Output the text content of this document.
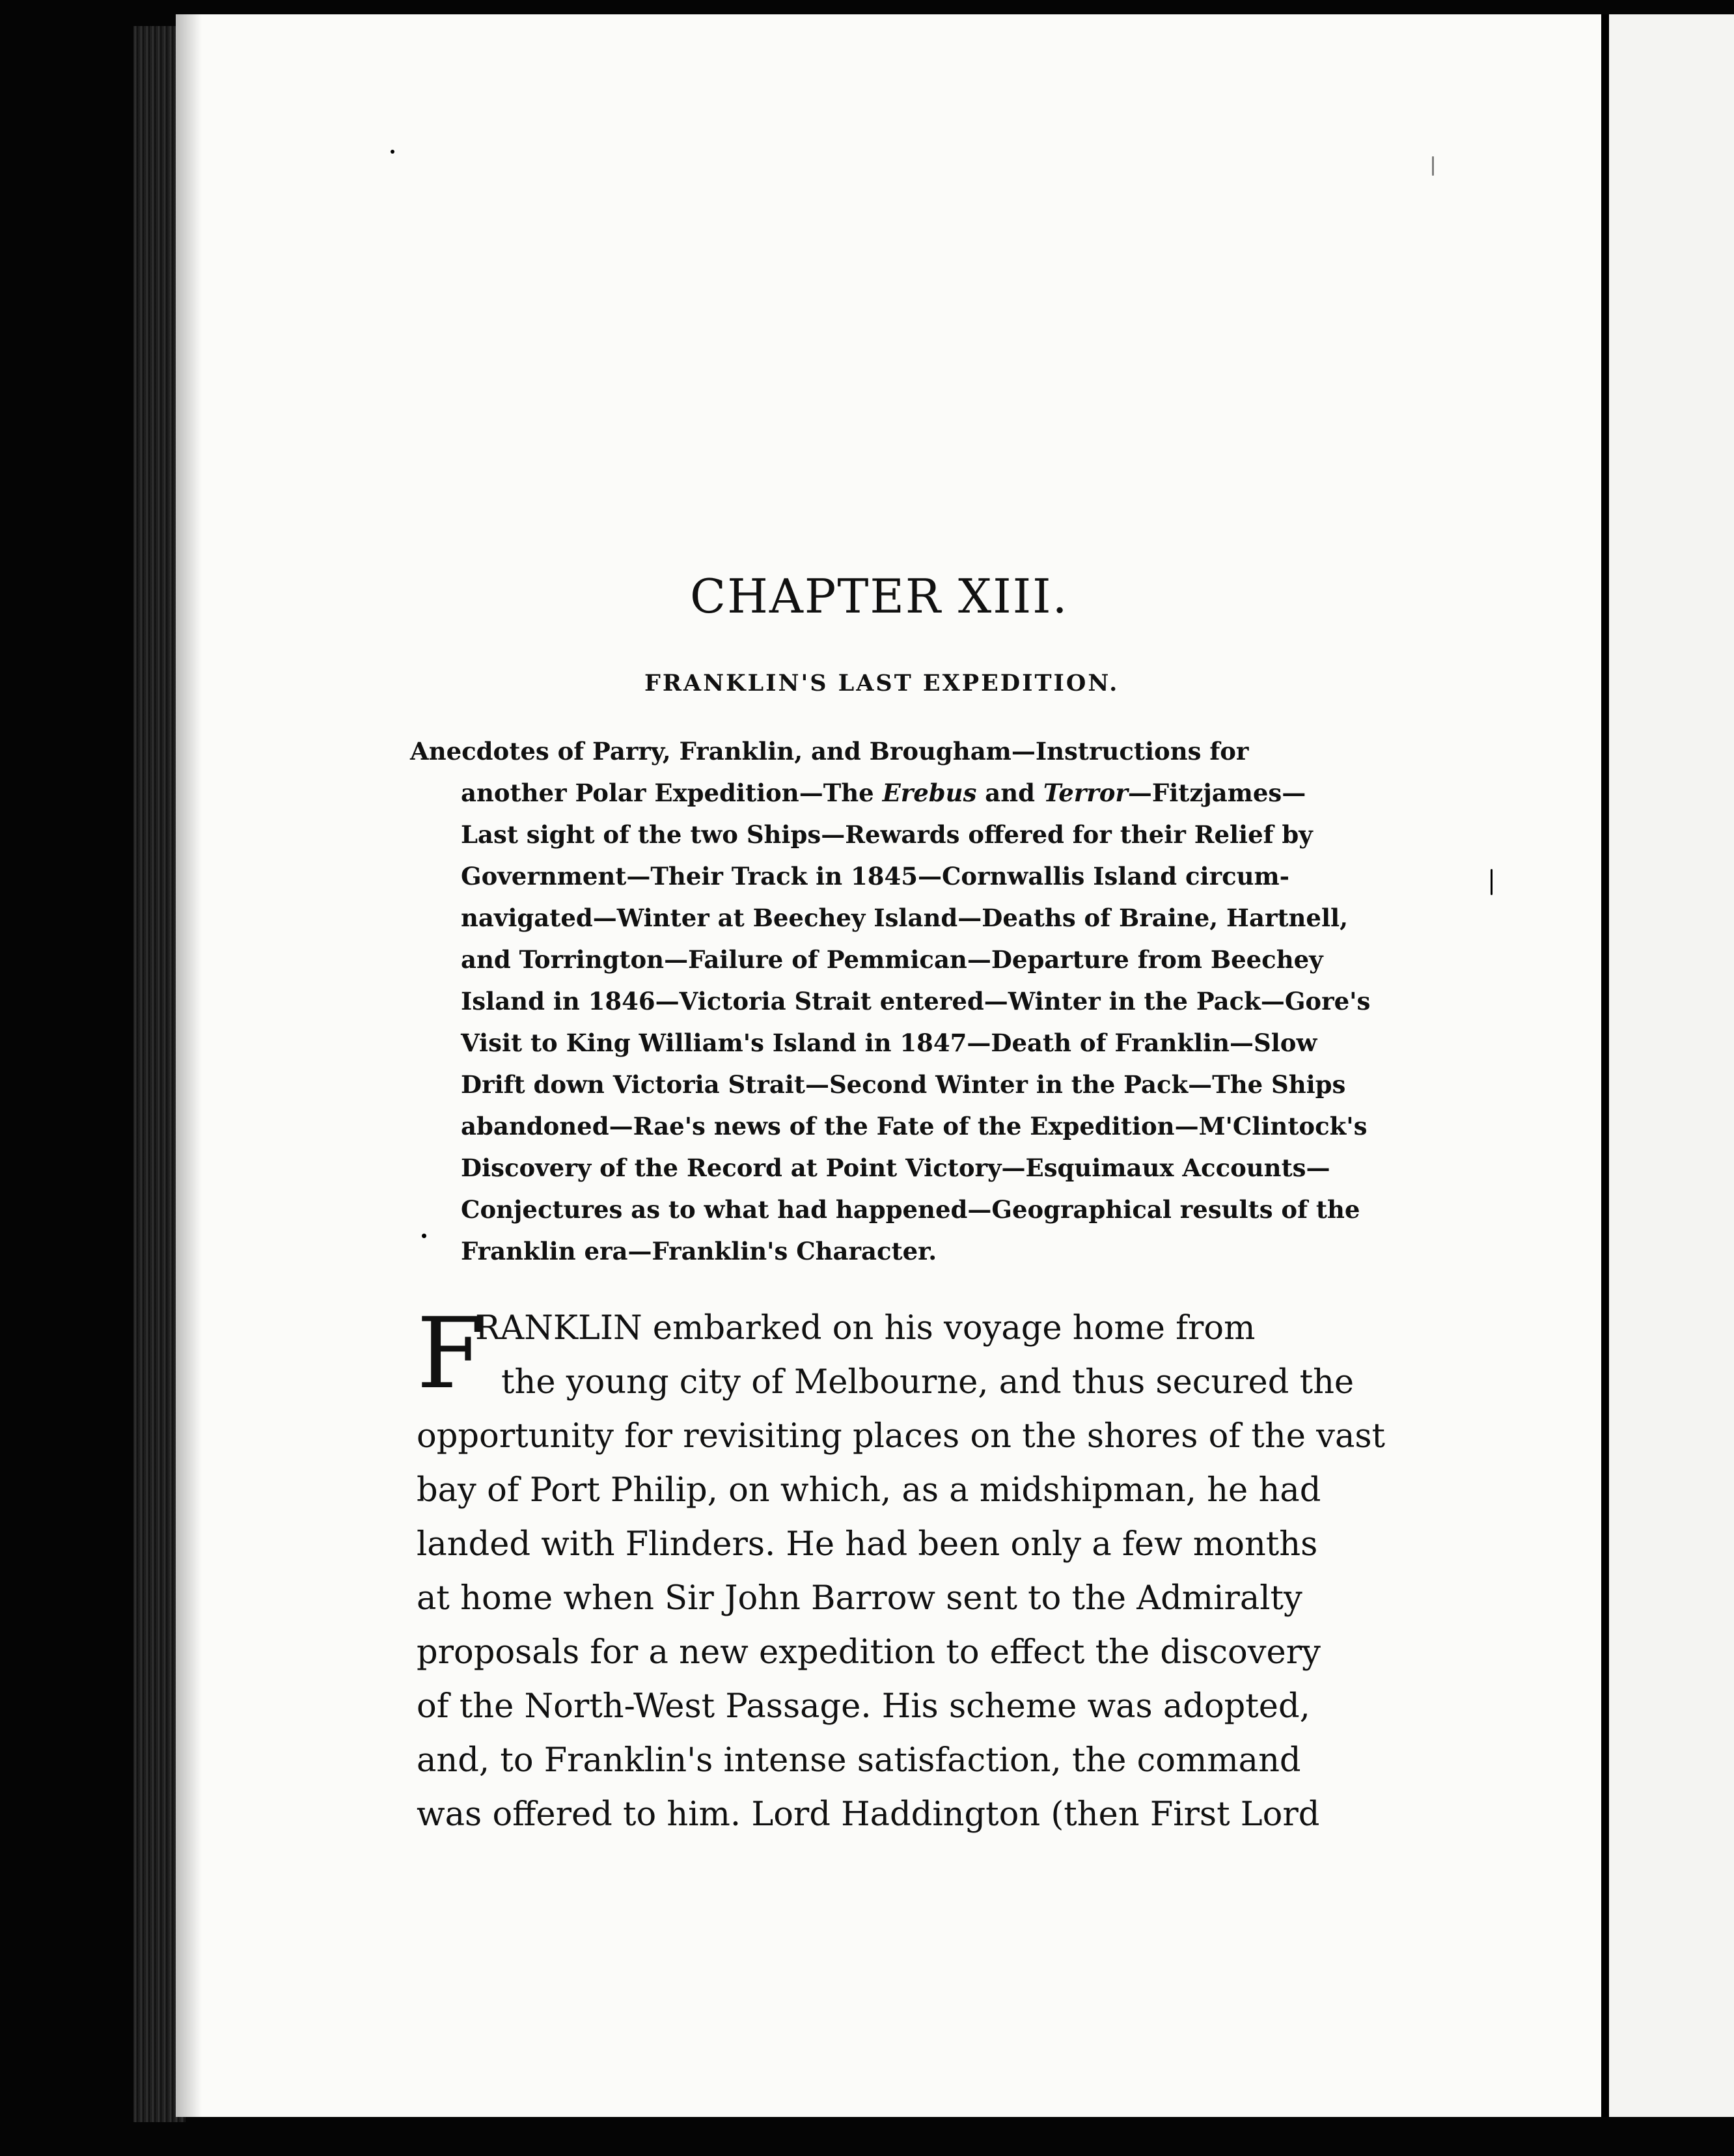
CHAPTER XIII.
FRANKLIN'S LAST EXPEDITION.
Anecdotes of Parry, Franklin, and Brougham—Instructions for
another Polar Expedition—The Erebus and Terror—Fitzjames—
Last sight of the two Ships—Rewards offered for their Relief by
Government—Their Track in 1845—Cornwallis Island circum-
navigated—Winter at Beechey Island—Deaths of Braine, Hartnell,
and Torrington—Failure of Pemmican—Departure from Beechey
Island in 1846—Victoria Strait entered—Winter in the Pack—Gore's
Visit to King William's Island in 1847—Death of Franklin—Slow
Drift down Victoria Strait—Second Winter in the Pack—The Ships
abandoned—Rae's news of the Fate of the Expedition—M'Clintock's
Discovery of the Record at Point Victory—Esquimaux Accounts—
Conjectures as to what had happened—Geographical results of the
Franklin era—Franklin's Character.
F
RANKLIN embarked on his voyage home from
the young city of Melbourne, and thus secured the
opportunity for revisiting places on the shores of the vast
bay of Port Philip, on which, as a midshipman, he had
landed with Flinders. He had been only a few months
at home when Sir John Barrow sent to the Admiralty
proposals for a new expedition to effect the discovery
of the North-West Passage. His scheme was adopted,
and, to Franklin's intense satisfaction, the command
was offered to him. Lord Haddington (then First Lord
